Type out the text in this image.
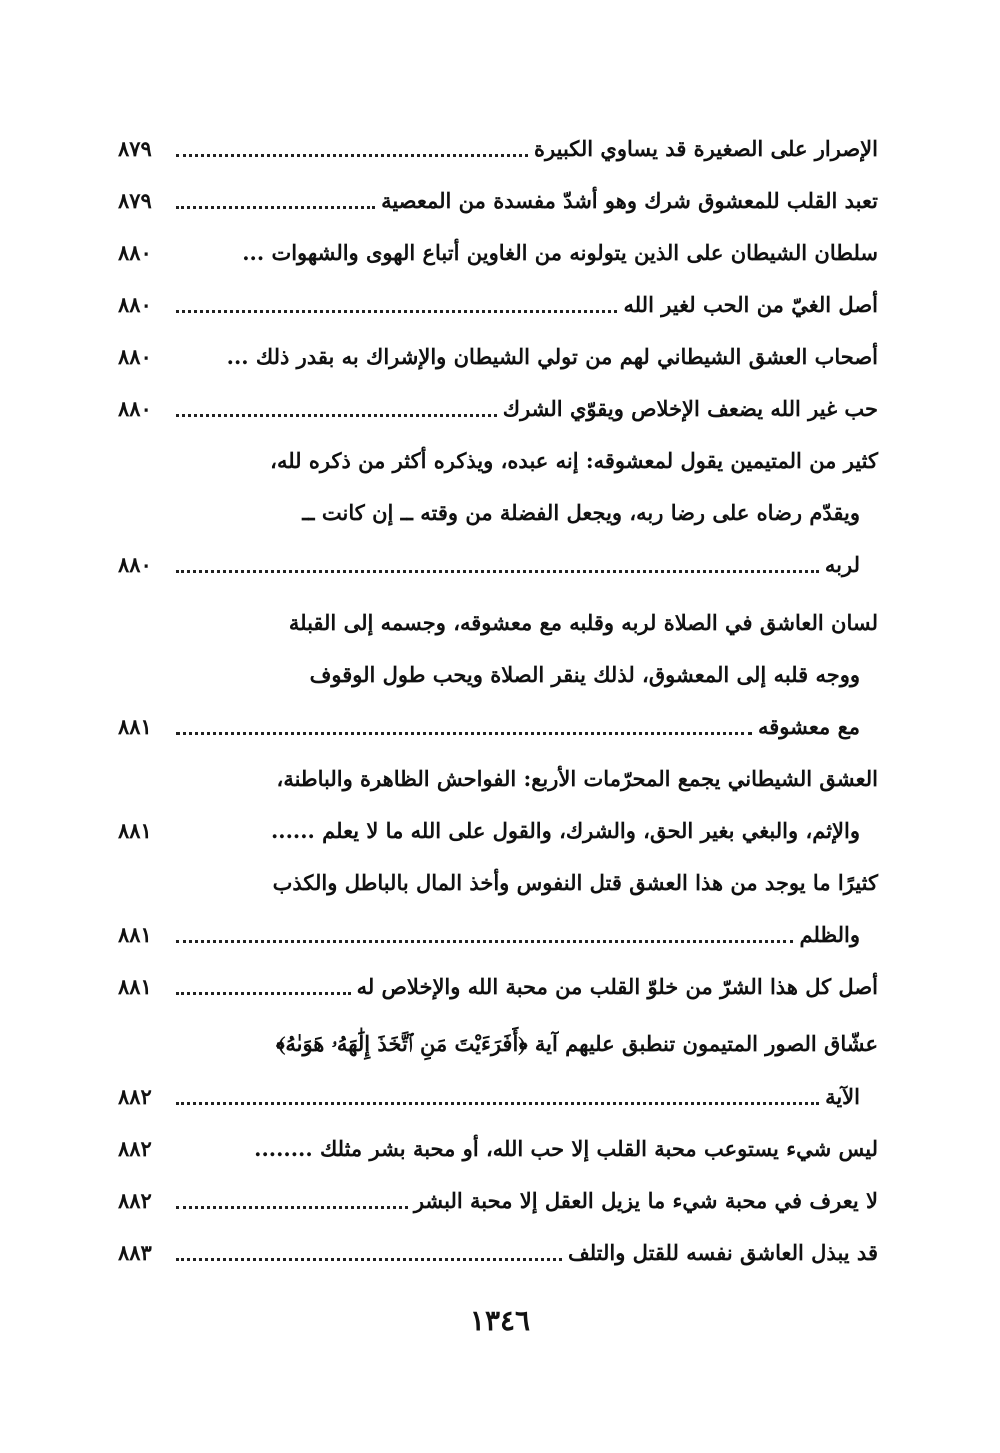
الإصرار على الصغيرة قد يساوي الكبيرة
٨٧٩
تعبد القلب للمعشوق شرك وهو أشدّ مفسدة من المعصية
٨٧٩
سلطان الشيطان على الذين يتولونه من الغاوين أتباع الهوى والشهوات ...
٨٨٠
أصل الغيّ من الحب لغير الله
٨٨٠
أصحاب العشق الشيطاني لهم من تولي الشيطان والإشراك به بقدر ذلك ...
٨٨٠
حب غير الله يضعف الإخلاص ويقوّي الشرك
٨٨٠
كثير من المتيمين يقول لمعشوقه: إنه عبده، ويذكره أكثر من ذكره لله،
ويقدّم رضاه على رضا ربه، ويجعل الفضلة من وقته ــ إن كانت ــ
لربه
٨٨٠
لسان العاشق في الصلاة لربه وقلبه مع معشوقه، وجسمه إلى القبلة
ووجه قلبه إلى المعشوق، لذلك ينقر الصلاة ويحب طول الوقوف
مع معشوقه
٨٨١
العشق الشيطاني يجمع المحرّمات الأربع: الفواحش الظاهرة والباطنة،
والإثم، والبغي بغير الحق، والشرك، والقول على الله ما لا يعلم ......
٨٨١
كثيرًا ما يوجد من هذا العشق قتل النفوس وأخذ المال بالباطل والكذب
والظلم
٨٨١
أصل كل هذا الشرّ من خلوّ القلب من محبة الله والإخلاص له
٨٨١
عشّاق الصور المتيمون تنطبق عليهم آية ﴿أَفَرَءَيْتَ مَنِ ٱتَّخَذَ إِلَٰهَهُۥ هَوَىٰهُ﴾
الآية
٨٨٢
ليس شيء يستوعب محبة القلب إلا حب الله، أو محبة بشر مثلك ........
٨٨٢
لا يعرف في محبة شيء ما يزيل العقل إلا محبة البشر
٨٨٢
قد يبذل العاشق نفسه للقتل والتلف
٨٨٣
١٣٤٦
